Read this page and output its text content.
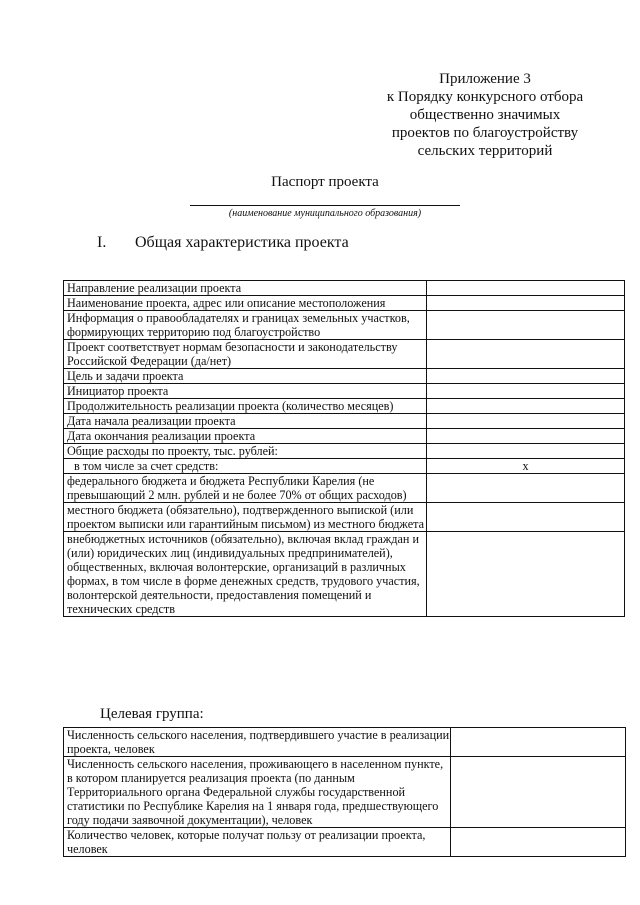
Приложение 3
к Порядку конкурсного отбора
общественно значимых
проектов по благоустройству
сельских территорий
Паспорт проекта
(наименование муниципального образования)
I. Общая характеристика проекта
Направление реализации проекта	
Наименование проекта, адрес или описание местоположения	
Информация о правообладателях и границах земельных участков, формирующих территорию под благоустройство	
Проект соответствует нормам безопасности и законодательству Российской Федерации (да/нет)	
Цель и задачи проекта	
Инициатор проекта	
Продолжительность реализации проекта (количество месяцев)	
Дата начала реализации проекта	
Дата окончания реализации проекта	
Общие расходы по проекту, тыс. рублей:	
в том числе за счет средств:	x
федерального бюджета и бюджета Республики Карелия (не превышающий 2 млн. рублей и не более 70% от общих расходов)	
местного бюджета (обязательно), подтвержденного выпиской (или проектом выписки или гарантийным письмом) из местного бюджета	
внебюджетных источников (обязательно), включая вклад граждан и (или) юридических лиц (индивидуальных предпринимателей), общественных, включая волонтерские, организаций в различных формах, в том числе в форме денежных средств, трудового участия, волонтерской деятельности, предоставления помещений и технических средств	
Целевая группа:
Численность сельского населения, подтвердившего участие в реализации проекта, человек	
Численность сельского населения, проживающего в населенном пункте, в котором планируется реализация проекта (по данным Территориального органа Федеральной службы государственной статистики по Республике Карелия на 1 января года, предшествующего году подачи заявочной документации), человек	
Количество человек, которые получат пользу от реализации проекта, человек	
